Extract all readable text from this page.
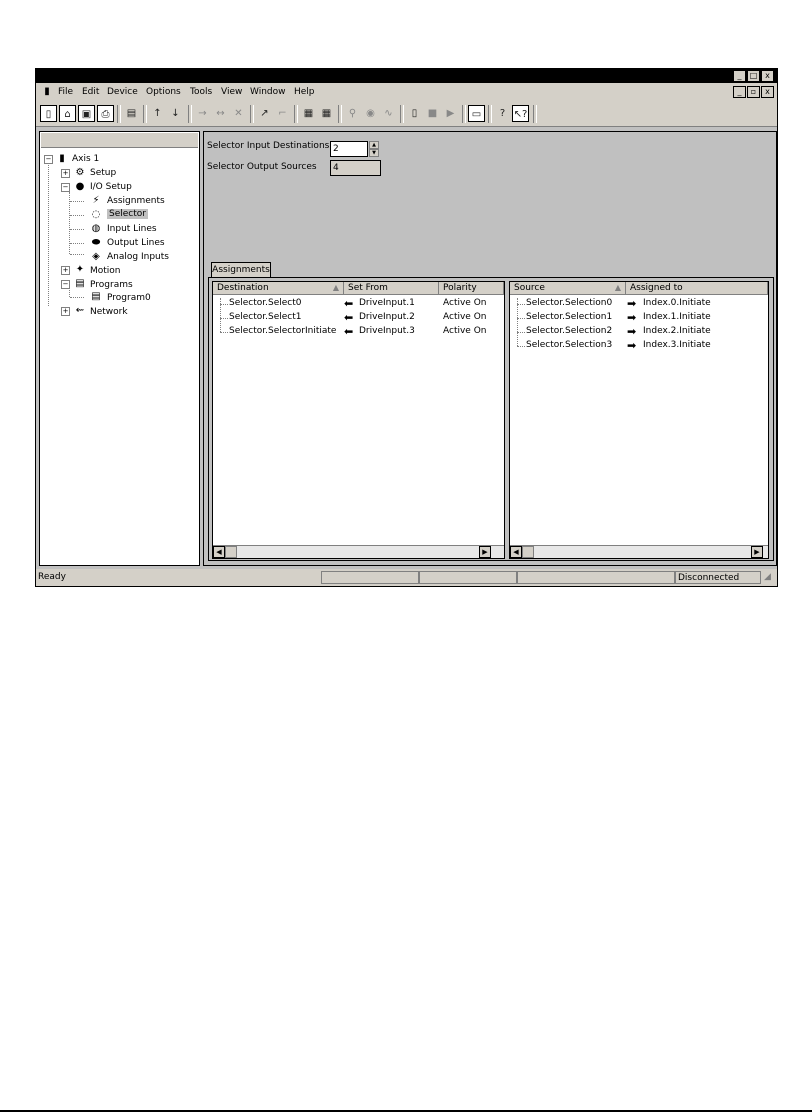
_	□ x
▮ File Edit Device Options Tools View Window Help	_	▫	x
▯	⌂	▣	⎙	▤	↑ ↓	→ ↔ ✕	↗ ⌐	▦ ▦	⚲ ◉ ∿	▯	■ ▶	▭	? ↖?
− ▮ Axis 1
+ ⚙ Setup
− ● I/O Setup
⚡ Assignments
◌ Selector
◍ Input Lines
⬬ Output Lines
◈ Analog Inputs
+ ✦ Motion
− ▤ Programs
▤ Program0
+ ⇜ Network
Selector Input Destinations 2	▲
▼
Selector Output Sources	4
Assignments
Destination	▲	Set From	Polarity
Selector.Select0	⬅ DriveInput.1	Active On
Selector.Select1	⬅ DriveInput.2	Active On
Selector.SelectorInitiate ⬅ DriveInput.3	Active On
◀	▶
Source	▲	Assigned to
Selector.Selection0 ➡ Index.0.Initiate
Selector.Selection1 ➡ Index.1.Initiate
Selector.Selection2 ➡ Index.2.Initiate
Selector.Selection3 ➡ Index.3.Initiate
◀	▶
Ready	Disconnected	◢
